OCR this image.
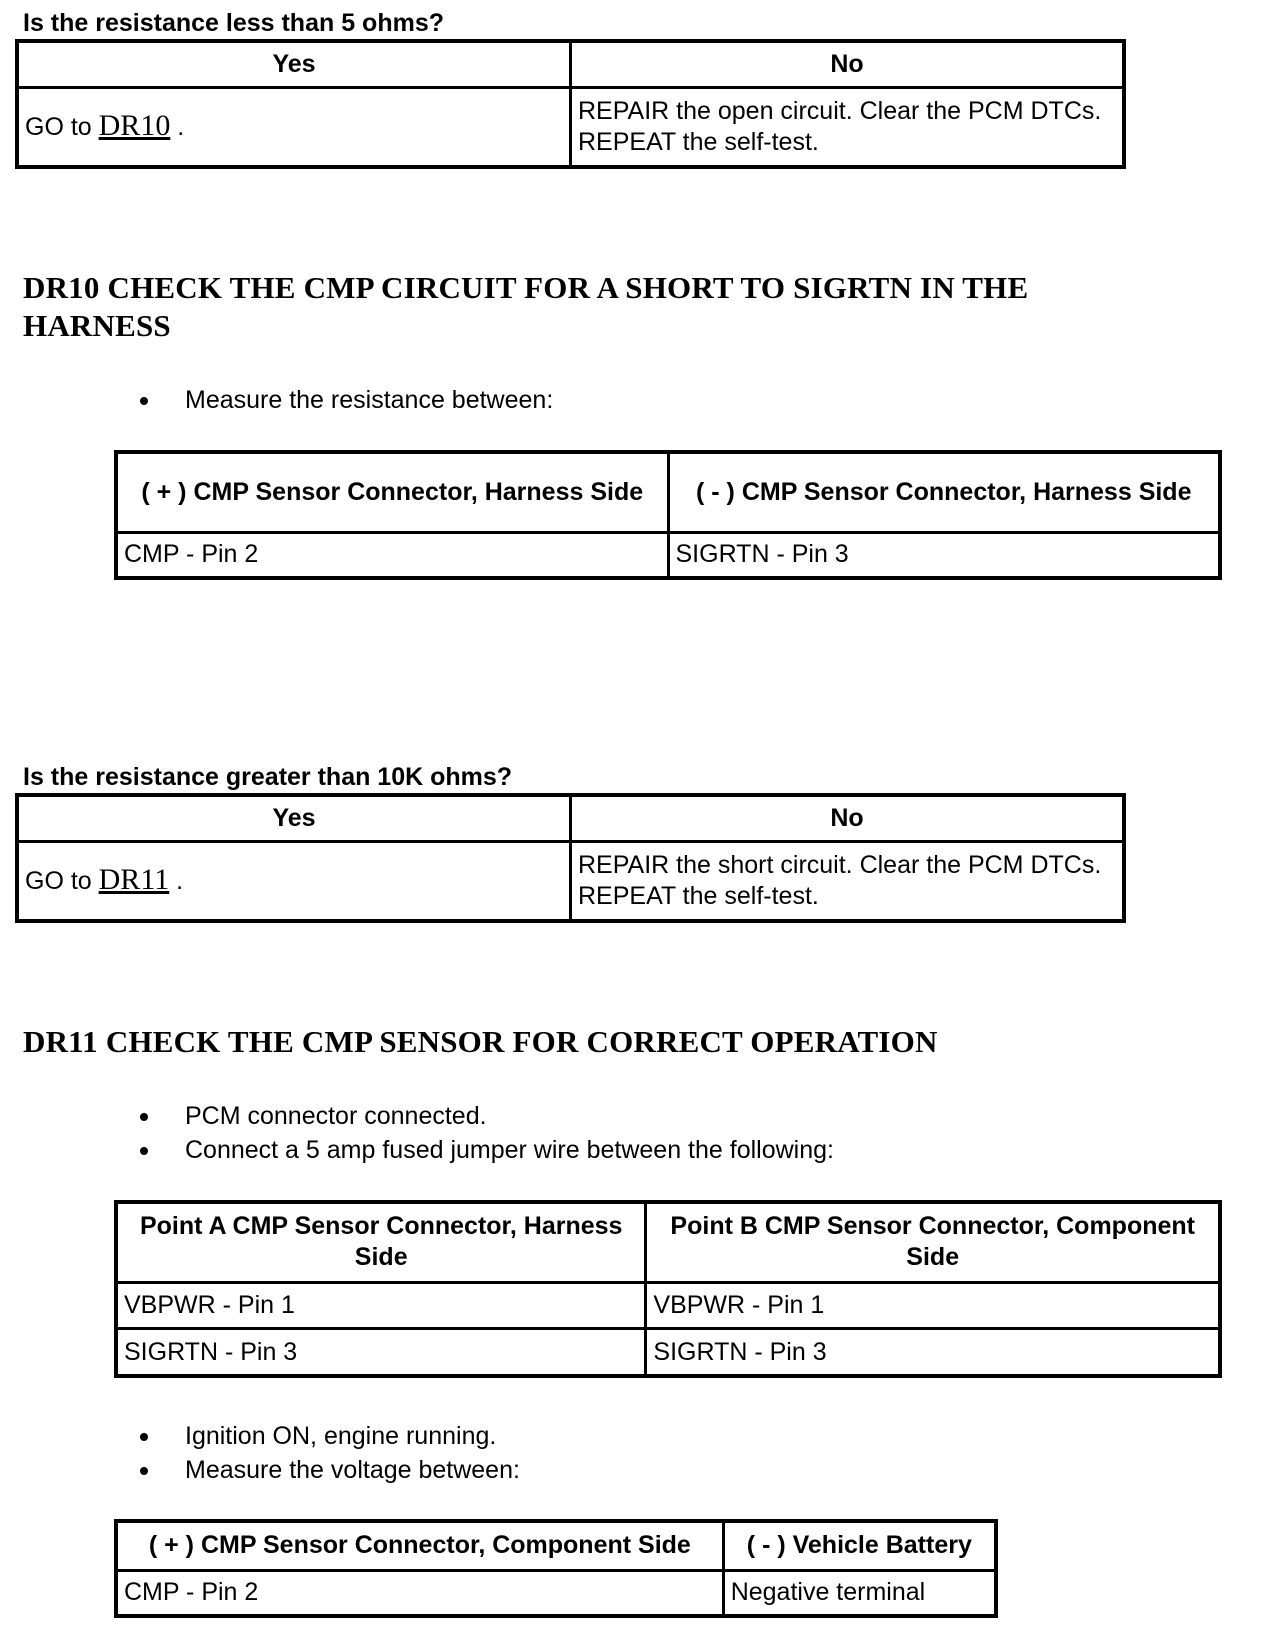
Is the resistance less than 5 ohms?
Yes	No
GO to DR10 .	REPAIR the open circuit. Clear the PCM DTCs. REPEAT the self-test.
DR10 CHECK THE CMP CIRCUIT FOR A SHORT TO SIGRTN IN THE HARNESS
Measure the resistance between:
( + ) CMP Sensor Connector, Harness Side	( - ) CMP Sensor Connector, Harness Side
CMP - Pin 2	SIGRTN - Pin 3
Is the resistance greater than 10K ohms?
Yes	No
GO to DR11 .	REPAIR the short circuit. Clear the PCM DTCs. REPEAT the self-test.
DR11 CHECK THE CMP SENSOR FOR CORRECT OPERATION
PCM connector connected.
Connect a 5 amp fused jumper wire between the following:
Point A CMP Sensor Connector, Harness Side	Point B CMP Sensor Connector, Component Side
VBPWR - Pin 1	VBPWR - Pin 1
SIGRTN - Pin 3	SIGRTN - Pin 3
Ignition ON, engine running.
Measure the voltage between:
( + ) CMP Sensor Connector, Component Side	( - ) Vehicle Battery
CMP - Pin 2	Negative terminal
